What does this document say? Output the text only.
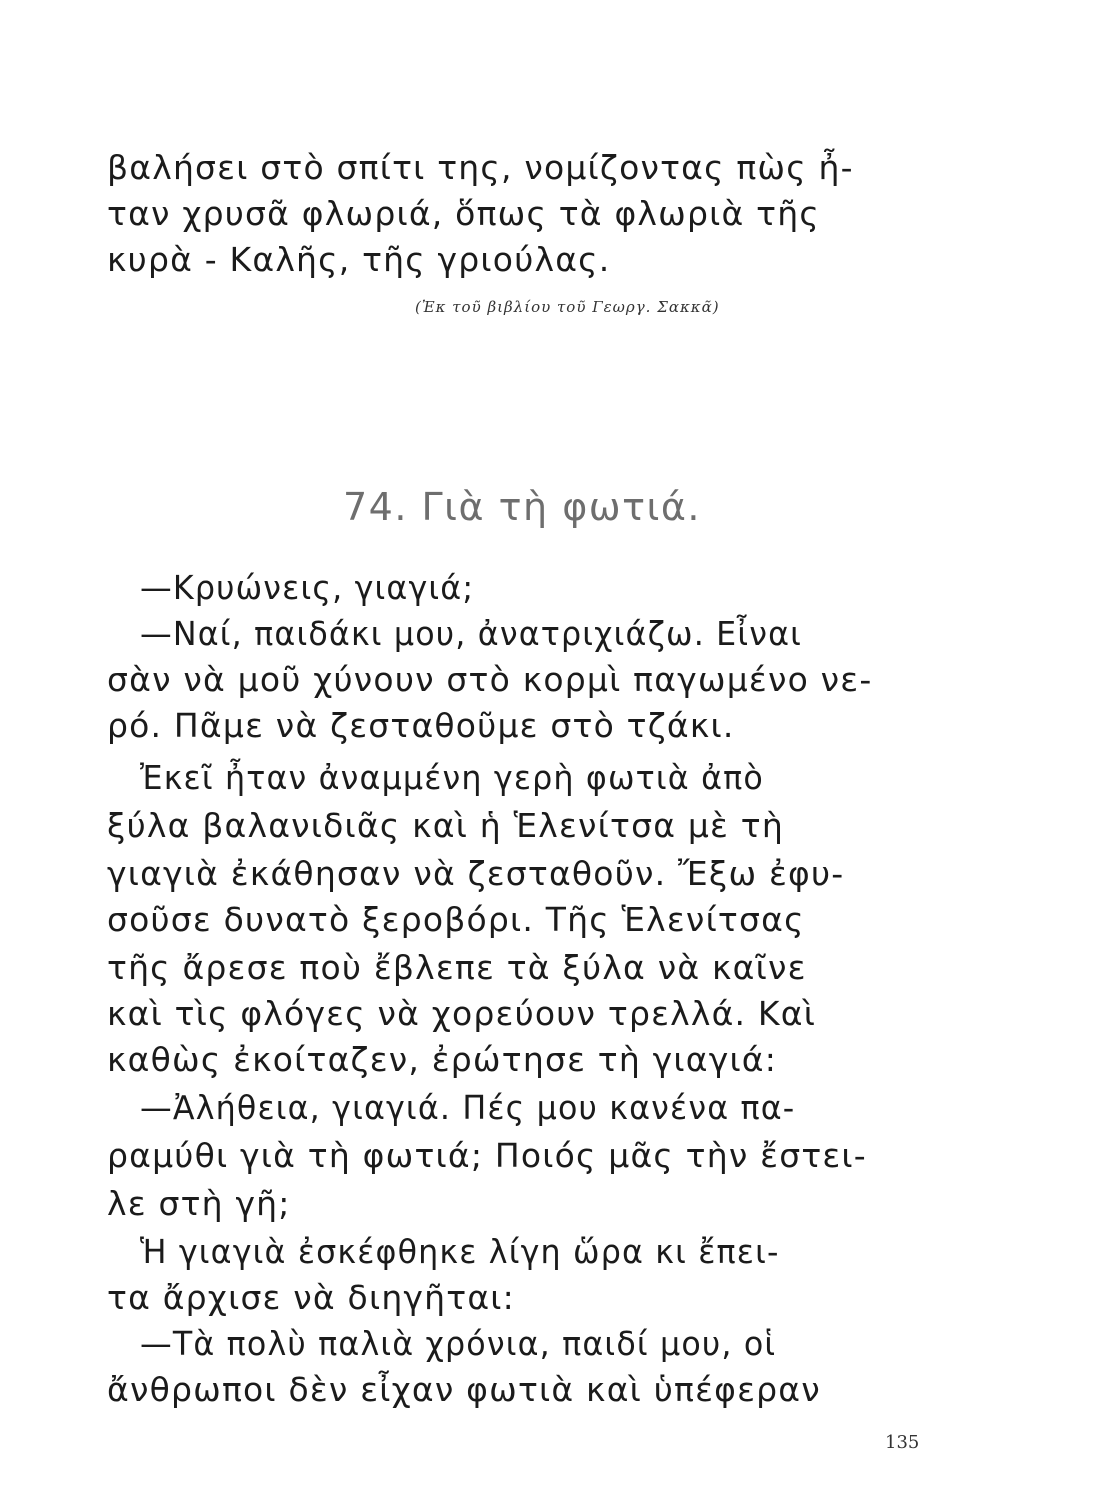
βαλήσει στὸ σπίτι της, νομίζοντας πὼς ἦ-
ταν χρυσᾶ φλωριά, ὅπως τὰ φλωριὰ τῆς
κυρὰ - Καλῆς, τῆς γριούλας.
(Ἐκ τοῦ βιβλίου τοῦ Γεωργ. Σακκᾶ)
74. Γιὰ τὴ φωτιά.
—Κρυώνεις, γιαγιά;
—Ναί, παιδάκι μου, ἀνατριχιάζω. Εἶναι
σὰν νὰ μοῦ χύνουν στὸ κορμὶ παγωμένο νε-
ρό. Πᾶμε νὰ ζεσταθοῦμε στὸ τζάκι.
Ἐκεῖ ἦταν ἀναμμένη γερὴ φωτιὰ ἀπὸ
ξύλα βαλανιδιᾶς καὶ ἡ Ἑλενίτσα μὲ τὴ
γιαγιὰ ἐκάθησαν νὰ ζεσταθοῦν. Ἔξω ἐφυ-
σοῦσε δυνατὸ ξεροβόρι. Τῆς Ἑλενίτσας
τῆς ἄρεσε ποὺ ἔβλεπε τὰ ξύλα νὰ καῖνε
καὶ τὶς φλόγες νὰ χορεύουν τρελλά. Καὶ
καθὼς ἐκοίταζεν, ἐρώτησε τὴ γιαγιά:
—Ἀλήθεια, γιαγιά. Πές μου κανένα πα-
ραμύθι γιὰ τὴ φωτιά; Ποιός μᾶς τὴν ἔστει-
λε στὴ γῆ;
Ἡ γιαγιὰ ἐσκέφθηκε λίγη ὥρα κι ἔπει-
τα ἄρχισε νὰ διηγῆται:
—Τὰ πολὺ παλιὰ χρόνια, παιδί μου, οἱ
ἄνθρωποι δὲν εἶχαν φωτιὰ καὶ ὑπέφεραν
135
